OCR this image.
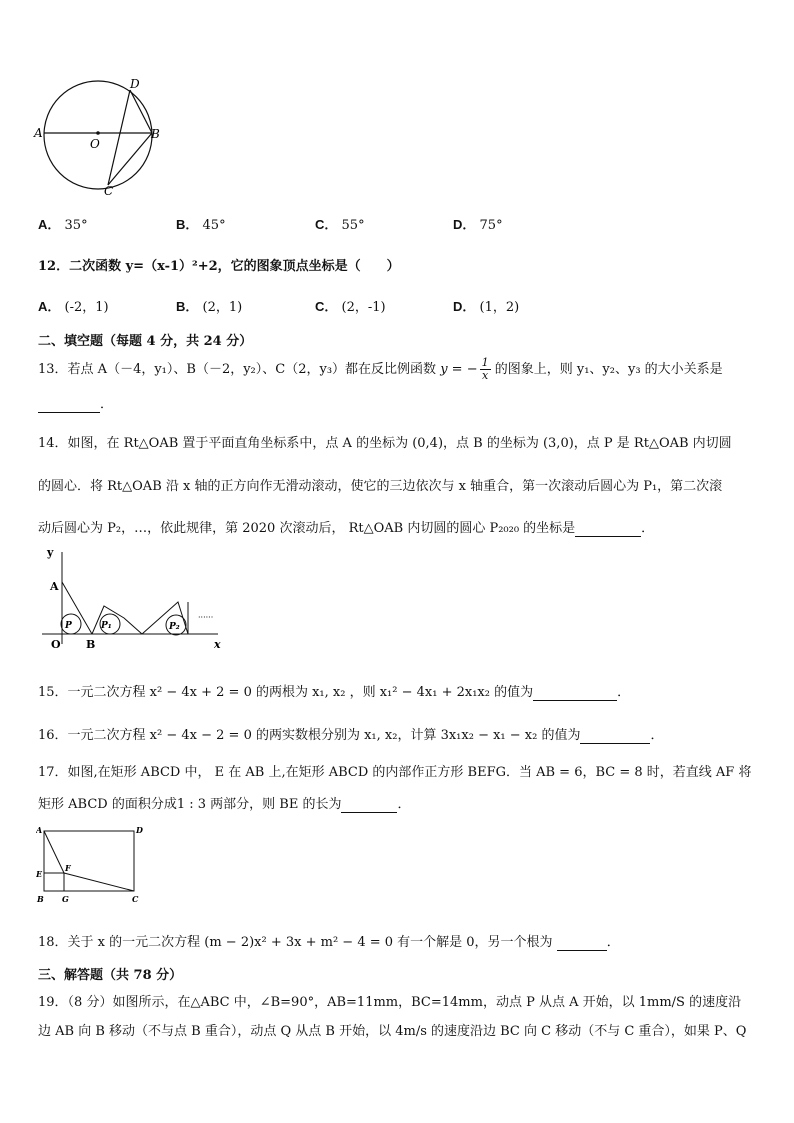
A
O
B
C
D
A． 35°	B． 45°	C． 55°	D． 75°
12．二次函数 y=（x-1）²+2，它的图象顶点坐标是（　　）
A． (-2，1)	B． (2，1)	C． (2，-1)	D． (1，2)
二、填空题（每题 4 分，共 24 分）
13．若点 A（－4，y₁）、B（－2，y₂）、C（2，y₃）都在反比例函数 y = − $\frac{1}{x}$ 的图象上，则 y₁、y₂、y₃ 的大小关系是
．
14．如图，在 Rt△OAB 置于平面直角坐标系中，点 A 的坐标为 (0,4)，点 B 的坐标为 (3,0)，点 P 是 Rt△OAB 内切圆
的圆心．将 Rt△OAB 沿 x 轴的正方向作无滑动滚动，使它的三边依次与 x 轴重合，第一次滚动后圆心为 P₁，第二次滚
动后圆心为 P₂，…，依此规律，第 2020 次滚动后， Rt△OAB 内切圆的圆心 P₂₀₂₀ 的坐标是	．
y
x
A
O B
P	P₁	P₂
······
15．一元二次方程 x² − 4x + 2 = 0 的两根为 x₁, x₂ ，则 x₁² − 4x₁ + 2x₁x₂ 的值为	．
16．一元二次方程 x² − 4x − 2 = 0 的两实数根分别为 x₁, x₂，计算 3x₁x₂ − x₁ − x₂ 的值为	．
17．如图,在矩形 ABCD 中， E 在 AB 上,在矩形 ABCD 的内部作正方形 BEFG．当 AB = 6，BC = 8 时，若直线 AF 将
矩形 ABCD 的面积分成1 : 3 两部分，则 BE 的长为	．
A	D
E
F
B G	C
18．关于 x 的一元二次方程 (m − 2)x² + 3x + m² − 4 = 0 有一个解是 0，另一个根为	．
三、解答题（共 78 分）
19．（8 分）如图所示，在△ABC 中，∠B=90°，AB=11mm，BC=14mm，动点 P 从点 A 开始，以 1mm/S 的速度沿
边 AB 向 B 移动（不与点 B 重合），动点 Q 从点 B 开始，以 4m/s 的速度沿边 BC 向 C 移动（不与 C 重合），如果 P、Q
